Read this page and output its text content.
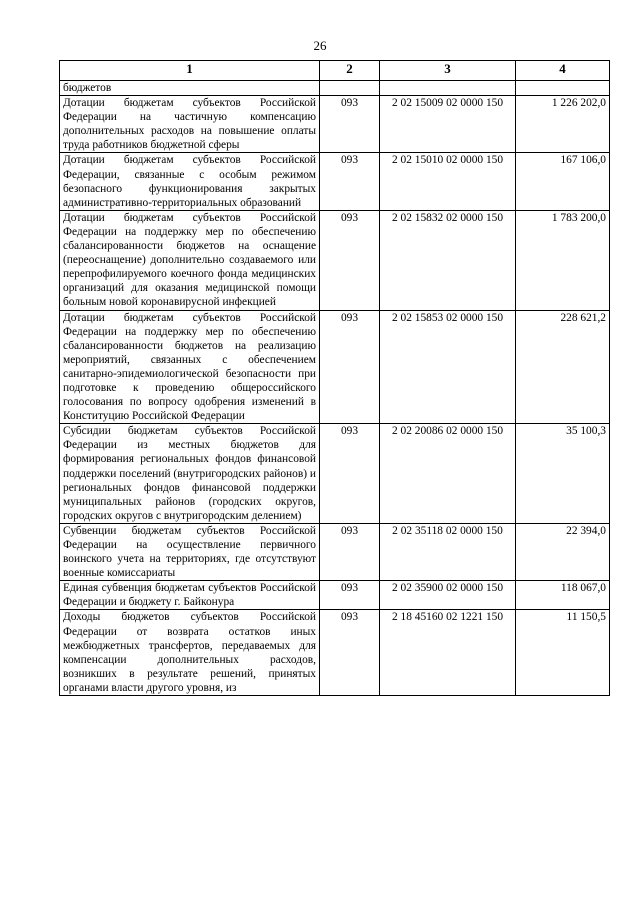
26
1	2	3	4
бюджетов			
Дотации бюджетам субъектов Российской Федерации на частичную компенсацию дополнительных расходов на повышение оплаты труда работников бюджетной сферы	093	2 02 15009 02 0000 150	1 226 202,0
Дотации бюджетам субъектов Российской Федерации, связанные с особым режимом безопасного функционирования закрытых административно-территориальных образований	093	2 02 15010 02 0000 150	167 106,0
Дотации бюджетам субъектов Российской Федерации на поддержку мер по обеспечению сбалансированности бюджетов на оснащение (переоснащение) дополнительно создаваемого или перепрофилируемого коечного фонда медицинских организаций для оказания медицинской помощи больным новой коронавирусной инфекцией	093	2 02 15832 02 0000 150	1 783 200,0
Дотации бюджетам субъектов Российской Федерации на поддержку мер по обеспечению сбалансированности бюджетов на реализацию мероприятий, связанных с обеспечением санитарно-эпидемиологической безопасности при подготовке к проведению общероссийского голосования по вопросу одобрения изменений в Конституцию Российской Федерации	093	2 02 15853 02 0000 150	228 621,2
Субсидии бюджетам субъектов Российской Федерации из местных бюджетов для формирования региональных фондов финансовой поддержки поселений (внутригородских районов) и региональных фондов финансовой поддержки муниципальных районов (городских округов, городских округов с внутригородским делением)	093	2 02 20086 02 0000 150	35 100,3
Субвенции бюджетам субъектов Российской Федерации на осуществление первичного воинского учета на территориях, где отсутствуют военные комиссариаты	093	2 02 35118 02 0000 150	22 394,0
Единая субвенция бюджетам субъектов Российской Федерации и бюджету г. Байконура	093	2 02 35900 02 0000 150	118 067,0
Доходы бюджетов субъектов Российской Федерации от возврата остатков иных межбюджетных трансфертов, передаваемых для компенсации дополнительных расходов, возникших в результате решений, принятых органами власти другого уровня, из	093	2 18 45160 02 1221 150	11 150,5
